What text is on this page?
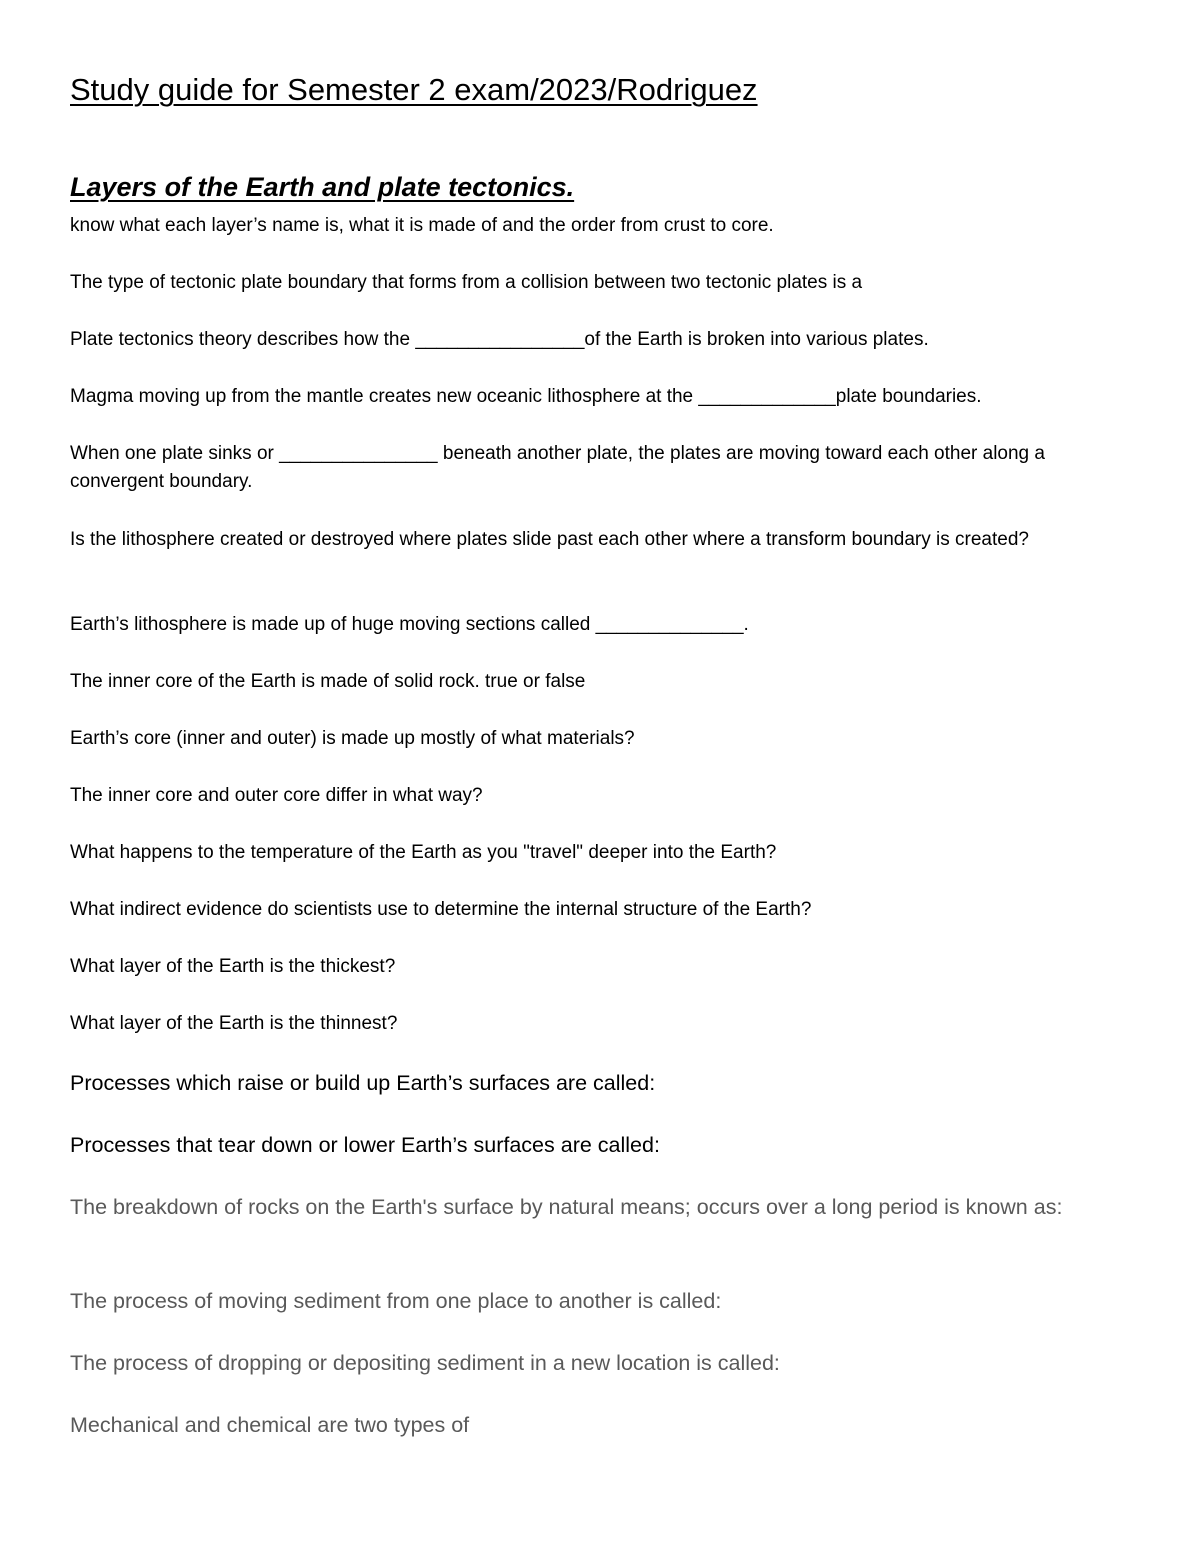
Study guide for Semester 2 exam/2023/Rodriguez
Layers of the Earth and plate tectonics.

know what each layer’s name is, what it is made of and the order from crust to core.

The type of tectonic plate boundary that forms from a collision between two tectonic plates is a

Plate tectonics theory describes how the ________________of the Earth is broken into various plates.

Magma moving up from the mantle creates new oceanic lithosphere at the _____________plate boundaries.

When one plate sinks or _______________ beneath another plate, the plates are moving toward each other along a convergent boundary.

Is the lithosphere created or destroyed where plates slide past each other where a transform boundary is created?

Earth’s lithosphere is made up of huge moving sections called ______________.

The inner core of the Earth is made of solid rock. true or false

Earth’s core (inner and outer) is made up mostly of what materials?

The inner core and outer core differ in what way?

What happens to the temperature of the Earth as you "travel" deeper into the Earth?

What indirect evidence do scientists use to determine the internal structure of the Earth?

What layer of the Earth is the thickest?

What layer of the Earth is the thinnest?

Processes which raise or build up Earth’s surfaces are called:

Processes that tear down or lower Earth’s surfaces are called:

The breakdown of rocks on the Earth's surface by natural means; occurs over a long period is known as:

The process of moving sediment from one place to another is called:

The process of dropping or depositing sediment in a new location is called:

Mechanical and chemical are two types of
